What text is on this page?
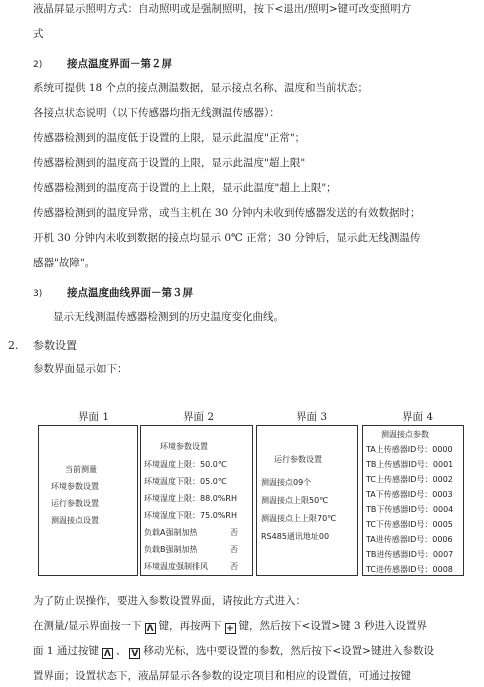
液晶屏显示照明方式：自动照明或是强制照明，按下<退出/照明>键可改变照明方
式
2) 接点温度界面－第２屏
系统可提供 18 个点的接点测温数据，显示接点名称、温度和当前状态；
各接点状态说明（以下传感器均指无线测温传感器）：
传感器检测到的温度低于设置的上限，显示此温度"正常"；
传感器检测到的温度高于设置的上限，显示此温度"超上限"
传感器检测到的温度高于设置的上上限，显示此温度"超上上限"；
传感器检测到的温度异常，或当主机在 30 分钟内未收到传感器发送的有效数据时；
开机 30 分钟内未收到数据的接点均显示 0℃ 正常；30 分钟后，显示此无线测温传
感器"故障"。
3) 接点温度曲线界面－第３屏
显示无线测温传感器检测到的历史温度变化曲线。
2. 参数设置
参数界面显示如下：
界面 1	界面 2	界面 3	界面 4
当前测量
环境参数设置
运行参数设置
测温接点设置
环境参数设置
环境温度上限：50.0℃
环境温度下限：05.0℃
环境湿度上限：88.0%RH
环境湿度下限：75.0%RH
负载A强制加热	否
负载B强制加热	否
环境温度强制排风	否
运行参数设置
测温接点09个
测温接点上限50℃
测温接点上上限70℃
RS485通讯地址00
测温接点参数
TA上传感器ID号：0000
TB上传感器ID号：0001
TC上传感器ID号：0002
TA下传感器ID号：0003
TB下传感器ID号：0004
TC下传感器ID号：0005
TA进传感器ID号：0006
TB进传感器ID号：0007
TC进传感器ID号：0008
为了防止误操作，要进入参数设置界面，请按此方式进入：
在测量/显示界面按一下 Λ 键，再按两下 + 键，然后按下<设置>键 3 秒进入设置界
面 1 通过按键 Λ 、 V 移动光标，选中要设置的参数，然后按下<设置>键进入参数设
置界面；设置状态下，液晶屏显示各参数的设定项目和相应的设置值，可通过按键
